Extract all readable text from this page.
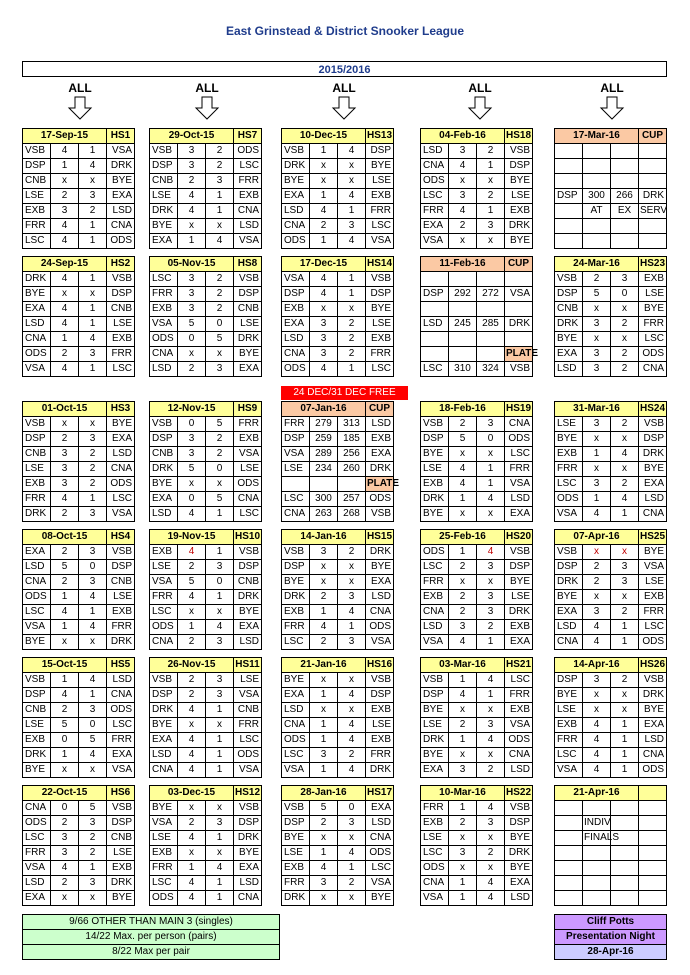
East Grinstead & District Snooker League
2015/2016
ALL	ALL	ALL	ALL	ALL
17-Sep-15			HS1
VSB	4	1	VSA
DSP	1	4	DRK
CNB	x	x	BYE
LSE	2	3	EXA
EXB	3	2	LSD
FRR	4	1	CNA
LSC	4	1	ODS
24-Sep-15			HS2
DRK	4	1	VSB
BYE	x	x	DSP
EXA	4	1	CNB
LSD	4	1	LSE
CNA	1	4	EXB
ODS	2	3	FRR
VSA	4	1	LSC
01-Oct-15			HS3
VSB	x	x	BYE
DSP	2	3	EXA
CNB	3	2	LSD
LSE	3	2	CNA
EXB	3	2	ODS
FRR	4	1	LSC
DRK	2	3	VSA
08-Oct-15			HS4
EXA	2	3	VSB
LSD	5	0	DSP
CNA	2	3	CNB
ODS	1	4	LSE
LSC	4	1	EXB
VSA	1	4	FRR
BYE	x	x	DRK
15-Oct-15			HS5
VSB	1	4	LSD
DSP	4	1	CNA
CNB	2	3	ODS
LSE	5	0	LSC
EXB	0	5	FRR
DRK	1	4	EXA
BYE	x	x	VSA
22-Oct-15			HS6
CNA	0	5	VSB
ODS	2	3	DSP
LSC	3	2	CNB
FRR	3	2	LSE
VSA	4	1	EXB
LSD	2	3	DRK
EXA	x	x	BYE
29-Oct-15			HS7
VSB	3	2	ODS
DSP	3	2	LSC
CNB	2	3	FRR
LSE	4	1	EXB
DRK	4	1	CNA
BYE	x	x	LSD
EXA	1	4	VSA
05-Nov-15			HS8
LSC	3	2	VSB
FRR	3	2	DSP
EXB	3	2	CNB
VSA	5	0	LSE
ODS	0	5	DRK
CNA	x	x	BYE
LSD	2	3	EXA
12-Nov-15			HS9
VSB	0	5	FRR
DSP	3	2	EXB
CNB	3	2	VSA
DRK	5	0	LSE
BYE	x	x	ODS
EXA	0	5	CNA
LSD	4	1	LSC
19-Nov-15			HS10
EXB	4	1	VSB
LSE	2	3	DSP
VSA	5	0	CNB
FRR	4	1	DRK
LSC	x	x	BYE
ODS	1	4	EXA
CNA	2	3	LSD
26-Nov-15			HS11
VSB	2	3	LSE
DSP	2	3	VSA
DRK	4	1	CNB
BYE	x	x	FRR
EXA	4	1	LSC
LSD	4	1	ODS
CNA	4	1	VSA
03-Dec-15			HS12
BYE	x	x	VSB
VSA	2	3	DSP
LSE	4	1	DRK
EXB	x	x	BYE
FRR	1	4	EXA
LSC	4	1	LSD
ODS	4	1	CNA
10-Dec-15			HS13
VSB	1	4	DSP
DRK	x	x	BYE
BYE	x	x	LSE
EXA	1	4	EXB
LSD	4	1	FRR
CNA	2	3	LSC
ODS	1	4	VSA
17-Dec-15			HS14
VSA	4	1	VSB
DSP	4	1	DSP
EXB	x	x	BYE
EXA	3	2	LSE
LSD	3	2	EXB
CNA	3	2	FRR
ODS	4	1	LSC
07-Jan-16			CUP
FRR	279	313	LSD
DSP	259	185	EXB
VSA	289	256	EXA
LSE	234	260	DRK
			PLATE
LSC	300	257	ODS
CNA	263	268	VSB
14-Jan-16			HS15
VSB	3	2	DRK
DSP	x	x	BYE
BYE	x	x	EXA
DRK	2	3	LSD
EXB	1	4	CNA
FRR	4	1	ODS
LSC	2	3	VSA
21-Jan-16			HS16
BYE	x	x	VSB
EXA	1	4	DSP
LSD	x	x	EXB
CNA	1	4	LSE
ODS	1	4	EXB
LSC	3	2	FRR
VSA	1	4	DRK
28-Jan-16			HS17
VSB	5	0	EXA
DSP	2	3	LSD
BYE	x	x	CNA
LSE	1	4	ODS
EXB	4	1	LSC
FRR	3	2	VSA
DRK	x	x	BYE
04-Feb-16			HS18
LSD	3	2	VSB
CNA	4	1	DSP
ODS	x	x	BYE
LSC	3	2	LSE
FRR	4	1	EXB
EXA	2	3	DRK
VSA	x	x	BYE
11-Feb-16			CUP

DSP	292	272	VSA

LSD	245	285	DRK

			PLATE
LSC	310	324	VSB
18-Feb-16			HS19
VSB	2	3	CNA
DSP	5	0	ODS
BYE	x	x	LSC
LSE	4	1	FRR
EXB	4	1	VSA
DRK	1	4	LSD
BYE	x	x	EXA
25-Feb-16			HS20
ODS	1	4	VSB
LSC	2	3	DSP
FRR	x	x	BYE
EXB	2	3	LSE
CNA	2	3	DRK
LSD	3	2	EXB
VSA	4	1	EXA
03-Mar-16			HS21
VSB	1	4	LSC
DSP	4	1	FRR
BYE	x	x	EXB
LSE	2	3	VSA
DRK	1	4	ODS
BYE	x	x	CNA
EXA	3	2	LSD
10-Mar-16			HS22
FRR	1	4	VSB
EXB	2	3	DSP
LSE	x	x	BYE
LSC	3	2	DRK
ODS	x	x	BYE
CNA	1	4	EXA
VSA	1	4	LSD
17-Mar-16			CUP

DSP	300	266	DRK
	AT	EX	SERV

24-Mar-16			HS23
VSB	2	3	EXB
DSP	5	0	LSE
CNB	x	x	BYE
DRK	3	2	FRR
BYE	x	x	LSC
EXA	3	2	ODS
LSD	3	2	CNA
31-Mar-16			HS24
LSE	3	2	VSB
BYE	x	x	DSP
EXB	1	4	DRK
FRR	x	x	BYE
LSC	3	2	EXA
ODS	1	4	LSD
VSA	4	1	CNA
07-Apr-16			HS25
VSB	x	x	BYE
DSP	2	3	VSA
DRK	2	3	LSE
BYE	x	x	EXB
EXA	3	2	FRR
LSD	4	1	LSC
CNA	4	1	ODS
14-Apr-16			HS26
DSP	3	2	VSB
BYE	x	x	DRK
LSE	x	x	BYE
EXB	4	1	EXA
FRR	4	1	LSD
LSC	4	1	CNA
VSA	4	1	ODS
21-Apr-16			

	INDIV		
	FINALS		

24 DEC/31 DEC FREE
9/66 OTHER THAN MAIN 3 (singles)
14/22 Max. per person (pairs)
8/22 Max per pair
Cliff Potts
Presentation Night
28-Apr-16
